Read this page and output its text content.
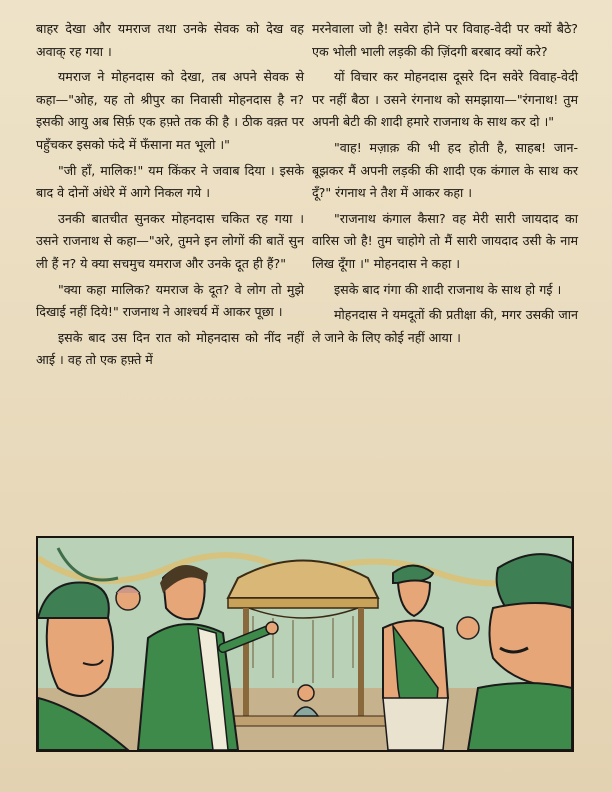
बाहर देखा और यमराज तथा उनके सेवक को देख वह अवाक् रह गया ।

यमराज ने मोहनदास को देखा, तब अपने सेवक से कहा—"ओह, यह तो श्रीपुर का निवासी मोहनदास है न? इसकी आयु अब सिर्फ़ एक हफ़्ते तक की है । ठीक वक़्त पर पहुँचकर इसको फंदे में फँसाना मत भूलो ।"

"जी हाँ, मालिक!" यम किंकर ने जवाब दिया । इसके बाद वे दोनों अंधेरे में आगे निकल गये ।

उनकी बातचीत सुनकर मोहनदास चकित रह गया । उसने राजनाथ से कहा—"अरे, तुमने इन लोगों की बातें सुन ली हैं न? ये क्या सचमुच यमराज और उनके दूत ही हैं?"

"क्या कहा मालिक? यमराज के दूत? वे लोग तो मुझे दिखाई नहीं दिये!" राजनाथ ने आश्चर्य में आकर पूछा ।

इसके बाद उस दिन रात को मोहनदास को नींद नहीं आई । वह तो एक हफ़्ते में

मरनेवाला जो है! सवेरा होने पर विवाह-वेदी पर क्यों बैठे? एक भोली भाली लड़की की ज़िंदगी बरबाद क्यों करे?

यों विचार कर मोहनदास दूसरे दिन सवेरे विवाह-वेदी पर नहीं बैठा । उसने रंगनाथ को समझाया—"रंगनाथ! तुम अपनी बेटी की शादी हमारे राजनाथ के साथ कर दो ।"

"वाह! मज़ाक़ की भी हद होती है, साहब! जान-बूझकर मैं अपनी लड़की की शादी एक कंगाल के साथ कर दूँ?" रंगनाथ ने तैश में आकर कहा ।

"राजनाथ कंगाल कैसा? वह मेरी सारी जायदाद का वारिस जो है! तुम चाहोगे तो मैं सारी जायदाद उसी के नाम लिख दूँगा ।" मोहनदास ने कहा ।

इसके बाद गंगा की शादी राजनाथ के साथ हो गई ।

मोहनदास ने यमदूतों की प्रतीक्षा की, मगर उसकी जान ले जाने के लिए कोई नहीं आया ।
